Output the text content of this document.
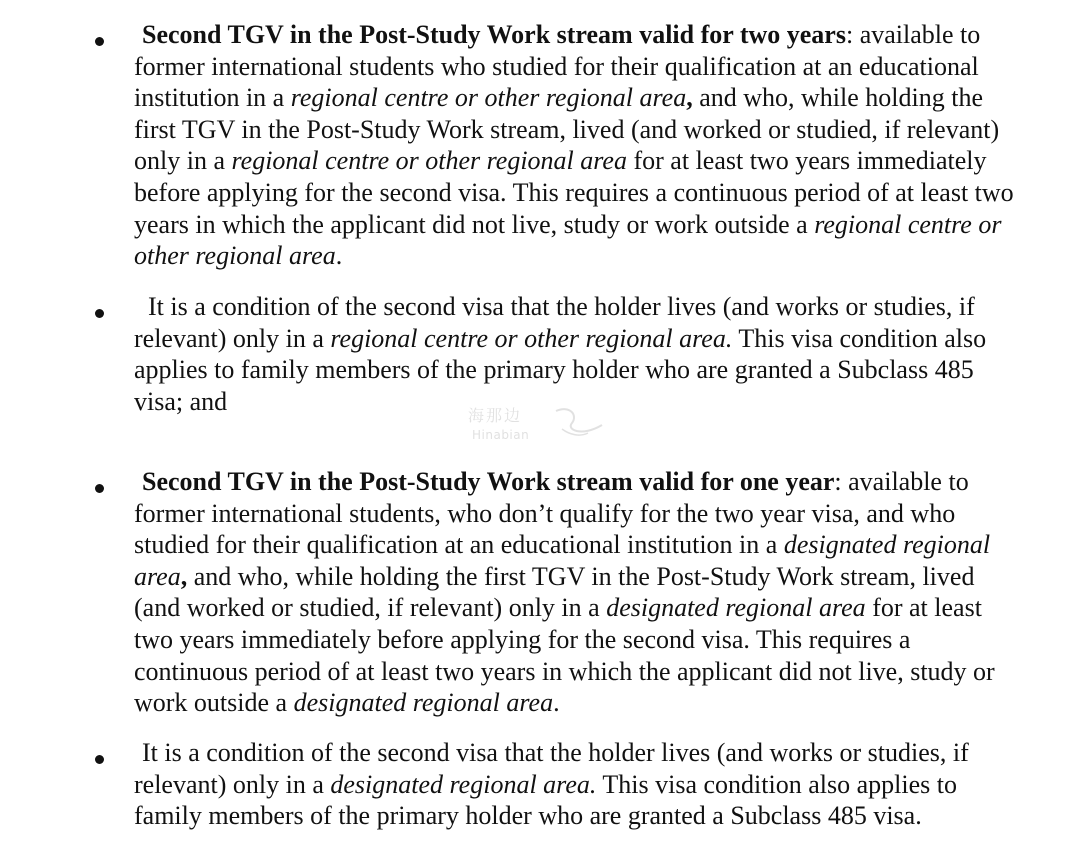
Second TGV in the Post-Study Work stream valid for two years: available to
former international students who studied for their qualification at an educational
institution in a regional centre or other regional area, and who, while holding the
first TGV in the Post-Study Work stream, lived (and worked or studied, if relevant)
only in a regional centre or other regional area for at least two years immediately
before applying for the second visa. This requires a continuous period of at least two
years in which the applicant did not live, study or work outside a regional centre or
other regional area.
It is a condition of the second visa that the holder lives (and works or studies, if
relevant) only in a regional centre or other regional area. This visa condition also
applies to family members of the primary holder who are granted a Subclass 485
visa; and	海那边
Hinabian
Second TGV in the Post-Study Work stream valid for one year: available to
former international students, who don’t qualify for the two year visa, and who
studied for their qualification at an educational institution in a designated regional
area, and who, while holding the first TGV in the Post-Study Work stream, lived
(and worked or studied, if relevant) only in a designated regional area for at least
two years immediately before applying for the second visa. This requires a
continuous period of at least two years in which the applicant did not live, study or
work outside a designated regional area.
It is a condition of the second visa that the holder lives (and works or studies, if
relevant) only in a designated regional area. This visa condition also applies to
family members of the primary holder who are granted a Subclass 485 visa.
